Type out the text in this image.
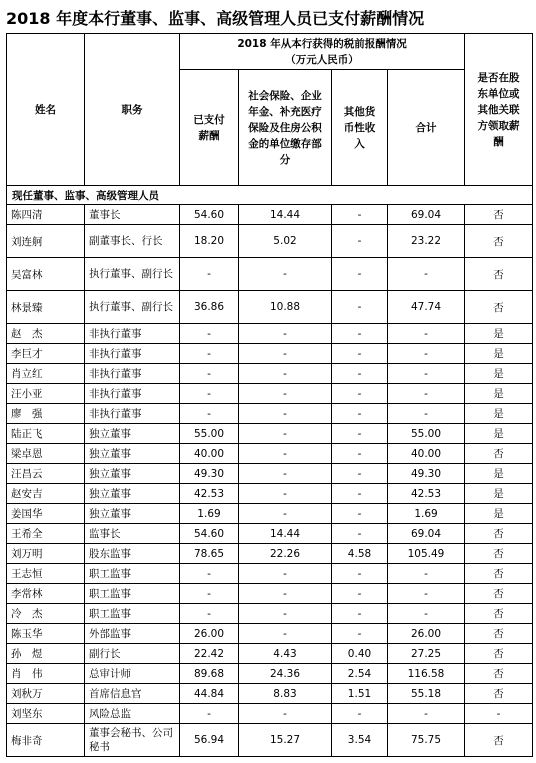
2018 年度本行董事、监事、高级管理人员已支付薪酬情况
姓名	职务	2018 年从本行获得的税前报酬情况
（万元人民币）				是否在股东单位或其他关联方领取薪酬

		已支付薪酬	社会保险、企业年金、补充医疗保险及住房公积金的单位缴存部分	其他货币性收入	合计	
现任董事、监事、高级管理人员						
陈四清	董事长	54.60	14.44	-	69.04	否
刘连舸	副董事长、行长	18.20	5.02	-	23.22	否
吴富林	执行董事、副行长	-	-	-	-	否
林景臻	执行董事、副行长	36.86	10.88	-	47.74	否
赵　杰	非执行董事	-	-	-	-	是
李巨才	非执行董事	-	-	-	-	是
肖立红	非执行董事	-	-	-	-	是
汪小亚	非执行董事	-	-	-	-	是
廖　强	非执行董事	-	-	-	-	是
陆正飞	独立董事	55.00	-	-	55.00	是
梁卓恩	独立董事	40.00	-	-	40.00	否
汪昌云	独立董事	49.30	-	-	49.30	是
赵安吉	独立董事	42.53	-	-	42.53	是
姜国华	独立董事	1.69	-	-	1.69	是
王希全	监事长	54.60	14.44	-	69.04	否
刘万明	股东监事	78.65	22.26	4.58	105.49	否
王志恒	职工监事	-	-	-	-	否
李常林	职工监事	-	-	-	-	否
冷　杰	职工监事	-	-	-	-	否
陈玉华	外部监事	26.00	-	-	26.00	否
孙　煜	副行长	22.42	4.43	0.40	27.25	否
肖　伟	总审计师	89.68	24.36	2.54	116.58	否
刘秋万	首席信息官	44.84	8.83	1.51	55.18	否
刘坚东	风险总监	-	-	-	-	-
梅非奇	董事会秘书、公司秘书	56.94	15.27	3.54	75.75	否
